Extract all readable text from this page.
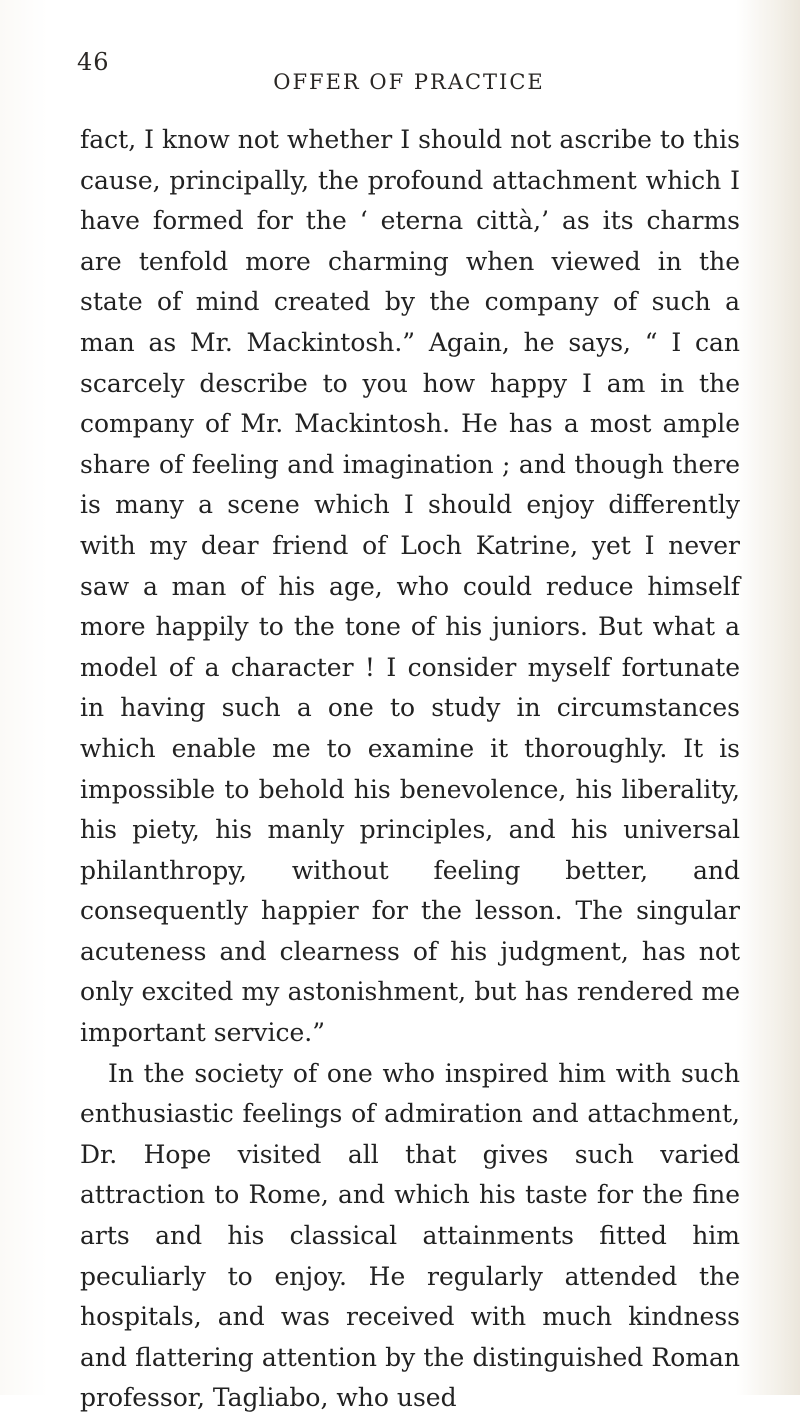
46
OFFER OF PRACTICE

fact, I know not whether I should not ascribe to this cause, principally, the profound attachment which I have formed for the ‘ eterna città,’ as its charms are tenfold more charming when viewed in the state of mind created by the company of such a man as Mr. Mackintosh.” Again, he says, “ I can scarcely describe to you how happy I am in the company of Mr. Mackintosh. He has a most ample share of feeling and imagination ; and though there is many a scene which I should enjoy differently with my dear friend of Loch Katrine, yet I never saw a man of his age, who could reduce himself more happily to the tone of his juniors. But what a model of a character ! I consider myself fortunate in having such a one to study in circumstances which enable me to examine it thoroughly. It is impossible to behold his benevolence, his liberality, his piety, his manly principles, and his universal philanthropy, without feeling better, and consequently happier for the lesson. The singular acuteness and clearness of his judgment, has not only excited my astonishment, but has rendered me important service.”

In the society of one who inspired him with such enthusiastic feelings of admiration and attachment, Dr. Hope visited all that gives such varied attraction to Rome, and which his taste for the fine arts and his classical attainments fitted him peculiarly to enjoy. He regularly attended the hospitals, and was received with much kindness and flattering attention by the distinguished Roman professor, Tagliabo, who used
